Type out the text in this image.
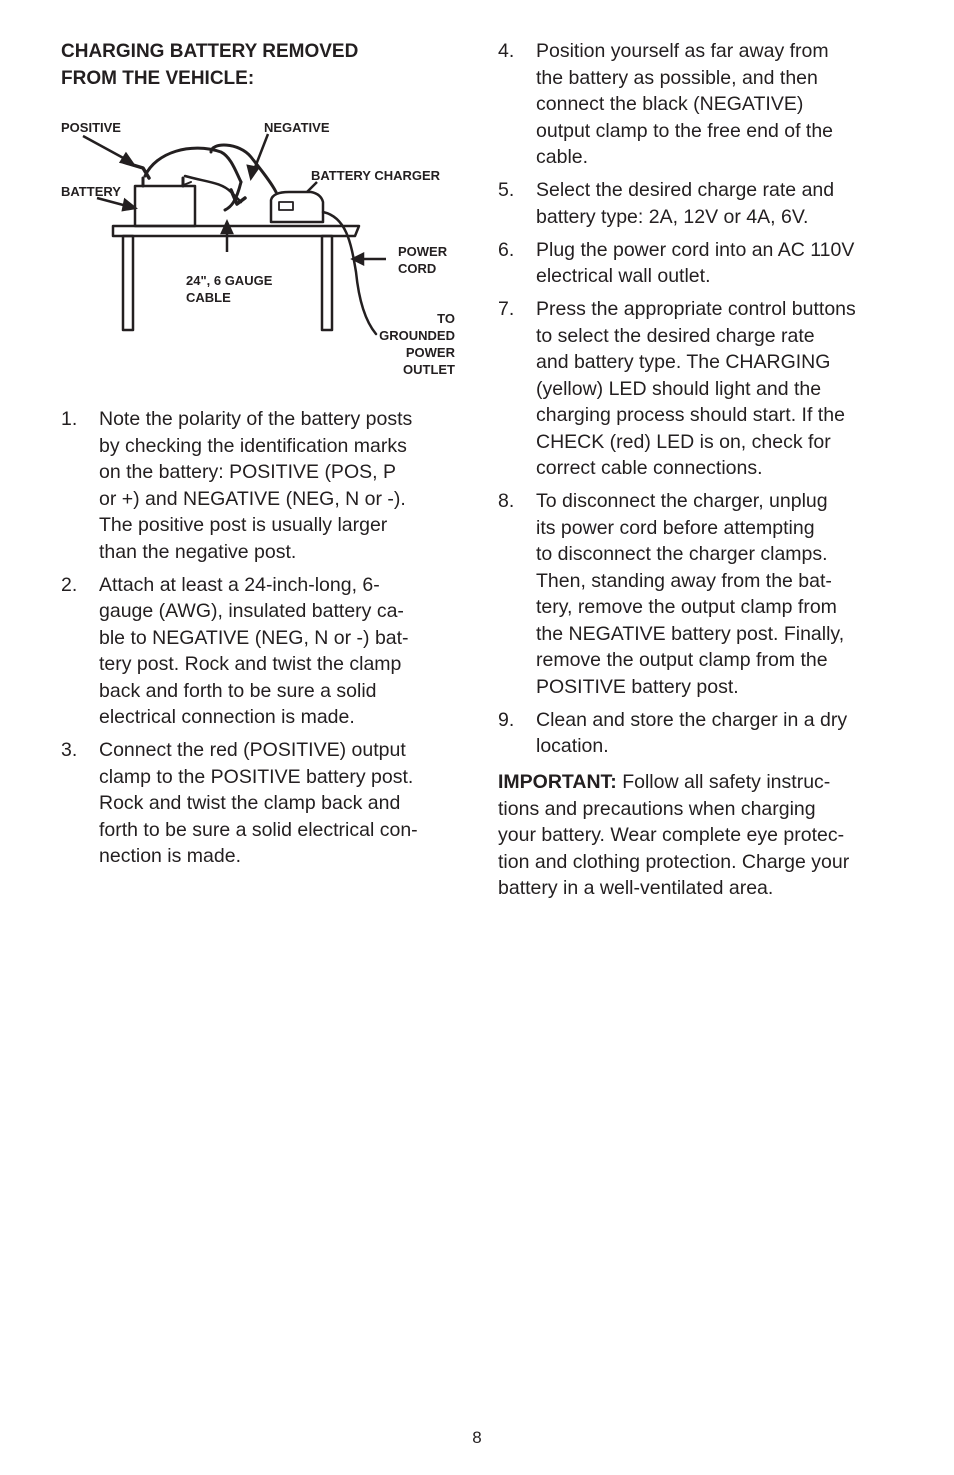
CHARGING BATTERY REMOVED
FROM THE VEHICLE:

POSITIVE	NEGATIVE

BATTERY CHARGER

BATTERY

POWER
CORD

24", 6 GAUGE
CABLE

TO
GROUNDED
POWER
OUTLET

1. Note the polarity of the battery posts
by checking the identification marks
on the battery: POSITIVE (POS, P
or +) and NEGATIVE (NEG, N or -).
The positive post is usually larger
than the negative post.
2. Attach at least a 24-inch-long, 6-
gauge (AWG), insulated battery ca-
ble to NEGATIVE (NEG, N or -) bat-
tery post. Rock and twist the clamp
back and forth to be sure a solid
electrical connection is made.
3. Connect the red (POSITIVE) output
clamp to the POSITIVE battery post.
Rock and twist the clamp back and
forth to be sure a solid electrical con-
nection is made.
4. Position yourself as far away from
the battery as possible, and then
connect the black (NEGATIVE)
output clamp to the free end of the
cable.
5. Select the desired charge rate and
battery type: 2A, 12V or 4A, 6V.
6. Plug the power cord into an AC 110V
electrical wall outlet.
7. Press the appropriate control buttons
to select the desired charge rate
and battery type. The CHARGING
(yellow) LED should light and the
charging process should start. If the
CHECK (red) LED is on, check for
correct cable connections.
8. To disconnect the charger, unplug
its power cord before attempting
to disconnect the charger clamps.
Then, standing away from the bat-
tery, remove the output clamp from
the NEGATIVE battery post. Finally,
remove the output clamp from the
POSITIVE battery post.
9. Clean and store the charger in a dry
location.
IMPORTANT: Follow all safety instruc-
tions and precautions when charging
your battery. Wear complete eye protec-
tion and clothing protection. Charge your
battery in a well-ventilated area.
8
